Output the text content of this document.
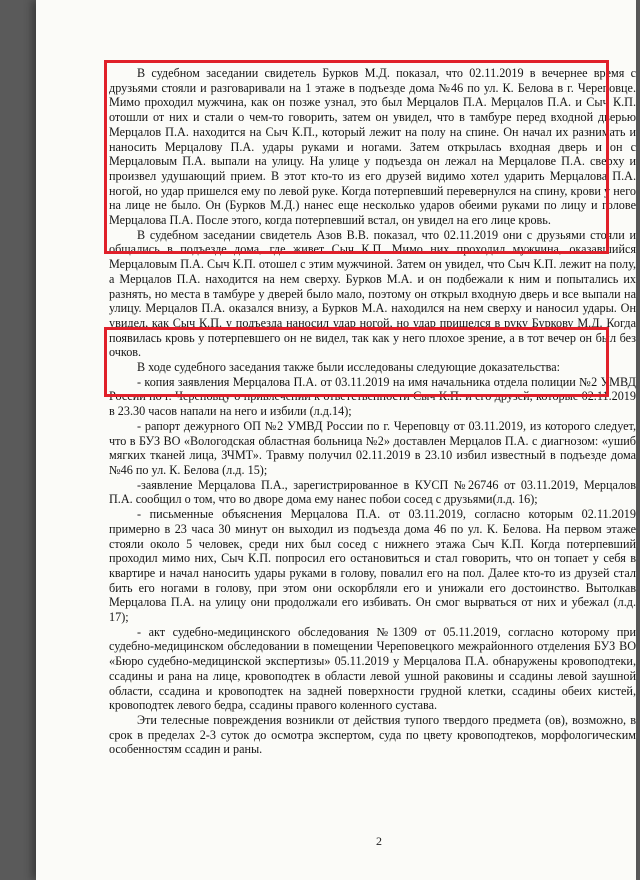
В судебном заседании свидетель Бурков М.Д. показал, что 02.11.2019 в вечернее время с друзьями стояли и разговаривали на 1 этаже в подъезде дома №46 по ул. К. Белова в г. Череповце. Мимо проходил мужчина, как он позже узнал, это был Мерцалов П.А. Мерцалов П.А. и Сыч К.П. отошли от них и стали о чем-то говорить, затем он увидел, что в тамбуре перед входной дверью Мерцалов П.А. находится на Сыч К.П., который лежит на полу на спине. Он начал их разнимать и наносить Мерцалову П.А. удары руками и ногами. Затем открылась входная дверь и он с Мерцаловым П.А. выпали на улицу. На улице у подъезда он лежал на Мерцалове П.А. сверху и произвел удушающий прием. В этот кто-то из его друзей видимо хотел ударить Мерцалова П.А. ногой, но удар пришелся ему по левой руке. Когда потерпевший перевернулся на спину, крови у него на лице не было. Он (Бурков М.Д.) нанес еще несколько ударов обеими руками по лицу и голове Мерцалова П.А. После этого, когда потерпевший встал, он увидел на его лице кровь.

В судебном заседании свидетель Азов В.В. показал, что 02.11.2019 они с друзьями стояли и общались в подъезде дома, где живет Сыч К.П. Мимо них проходил мужчина, оказавшийся Мерцаловым П.А. Сыч К.П. отошел с этим мужчиной. Затем он увидел, что Сыч К.П. лежит на полу, а Мерцалов П.А. находится на нем сверху. Бурков М.А. и он подбежали к ним и попытались их разнять, но места в тамбуре у дверей было мало, поэтому он открыл входную дверь и все выпали на улицу. Мерцалов П.А. оказался внизу, а Бурков М.А. находился на нем сверху и наносил удары. Он увидел, как Сыч К.П. у подъезда наносил удар ногой, но удар пришелся в руку Буркову М.Д. Когда появилась кровь у потерпевшего он не видел, так как у него плохое зрение, а в тот вечер он был без очков.

В ходе судебного заседания также были исследованы следующие доказательства:

- копия заявления Мерцалова П.А. от 03.11.2019 на имя начальника отдела полиции №2 УМВД России по г. Череповцу о привлечении к ответственности Сыч К.П. и его друзей, которые 02.11.2019 в 23.30 часов напали на него и избили (л.д.14);

- рапорт дежурного ОП №2 УМВД России по г. Череповцу от 03.11.2019, из которого следует, что в БУЗ ВО «Вологодская областная больница №2» доставлен Мерцалов П.А. с диагнозом: «ушиб мягких тканей лица, ЗЧМТ». Травму получил 02.11.2019 в 23.10 избил известный в подъезде дома №46 по ул. К. Белова (л.д. 15);

-заявление Мерцалова П.А., зарегистрированное в КУСП №26746 от 03.11.2019, Мерцалов П.А. сообщил о том, что во дворе дома ему нанес побои сосед с друзьями(л.д. 16);

- письменные объяснения Мерцалова П.А. от 03.11.2019, согласно которым 02.11.2019 примерно в 23 часа 30 минут он выходил из подъезда дома 46 по ул. К. Белова. На первом этаже стояли около 5 человек, среди них был сосед с нижнего этажа Сыч К.П. Когда потерпевший проходил мимо них, Сыч К.П. попросил его остановиться и стал говорить, что он топает у себя в квартире и начал наносить удары руками в голову, повалил его на пол. Далее кто-то из друзей стал бить его ногами в голову, при этом они оскорбляли его и унижали его достоинство. Вытолкав Мерцалова П.А. на улицу они продолжали его избивать. Он смог вырваться от них и убежал (л.д. 17);

- акт судебно-медицинского обследования №1309 от 05.11.2019, согласно которому при судебно-медицинском обследовании в помещении Череповецкого межрайонного отделения БУЗ ВО «Бюро судебно-медицинской экспертизы» 05.11.2019 у Мерцалова П.А. обнаружены кровоподтеки, ссадины и рана на лице, кровоподтек в области левой ушной раковины и ссадины левой заушной области, ссадина и кровоподтек на задней поверхности грудной клетки, ссадины обеих кистей, кровоподтек левого бедра, ссадины правого коленного сустава.

Эти телесные повреждения возникли от действия тупого твердого предмета (ов), возможно, в срок в пределах 2-3 суток до осмотра экспертом, суда по цвету кровоподтеков, морфологическим особенностям ссадин и раны.

2
